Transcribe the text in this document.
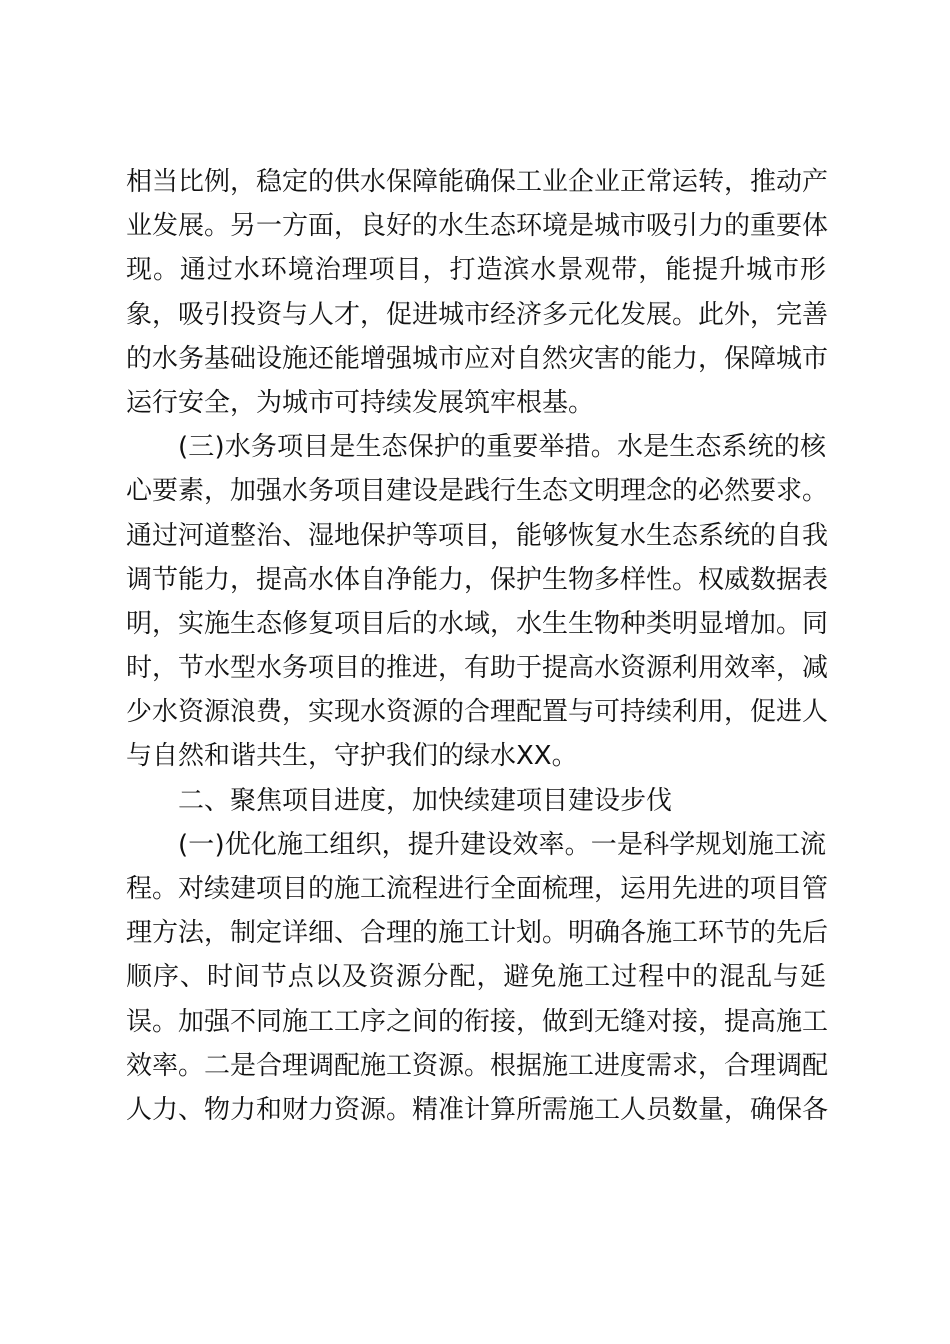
相当比例，稳定的供水保障能确保工业企业正常运转，推动产
业发展。另一方面，良好的水生态环境是城市吸引力的重要体
现。通过水环境治理项目，打造滨水景观带，能提升城市形
象，吸引投资与人才，促进城市经济多元化发展。此外，完善
的水务基础设施还能增强城市应对自然灾害的能力，保障城市
运行安全，为城市可持续发展筑牢根基。
(三)水务项目是生态保护的重要举措。水是生态系统的核
心要素，加强水务项目建设是践行生态文明理念的必然要求。
通过河道整治、湿地保护等项目，能够恢复水生态系统的自我
调节能力，提高水体自净能力，保护生物多样性。权威数据表
明，实施生态修复项目后的水域，水生生物种类明显增加。同
时，节水型水务项目的推进，有助于提高水资源利用效率，减
少水资源浪费，实现水资源的合理配置与可持续利用，促进人
与自然和谐共生，守护我们的绿水XX。
二、聚焦项目进度，加快续建项目建设步伐
(一)优化施工组织，提升建设效率。一是科学规划施工流
程。对续建项目的施工流程进行全面梳理，运用先进的项目管
理方法，制定详细、合理的施工计划。明确各施工环节的先后
顺序、时间节点以及资源分配，避免施工过程中的混乱与延
误。加强不同施工工序之间的衔接，做到无缝对接，提高施工
效率。二是合理调配施工资源。根据施工进度需求，合理调配
人力、物力和财力资源。精准计算所需施工人员数量，确保各
